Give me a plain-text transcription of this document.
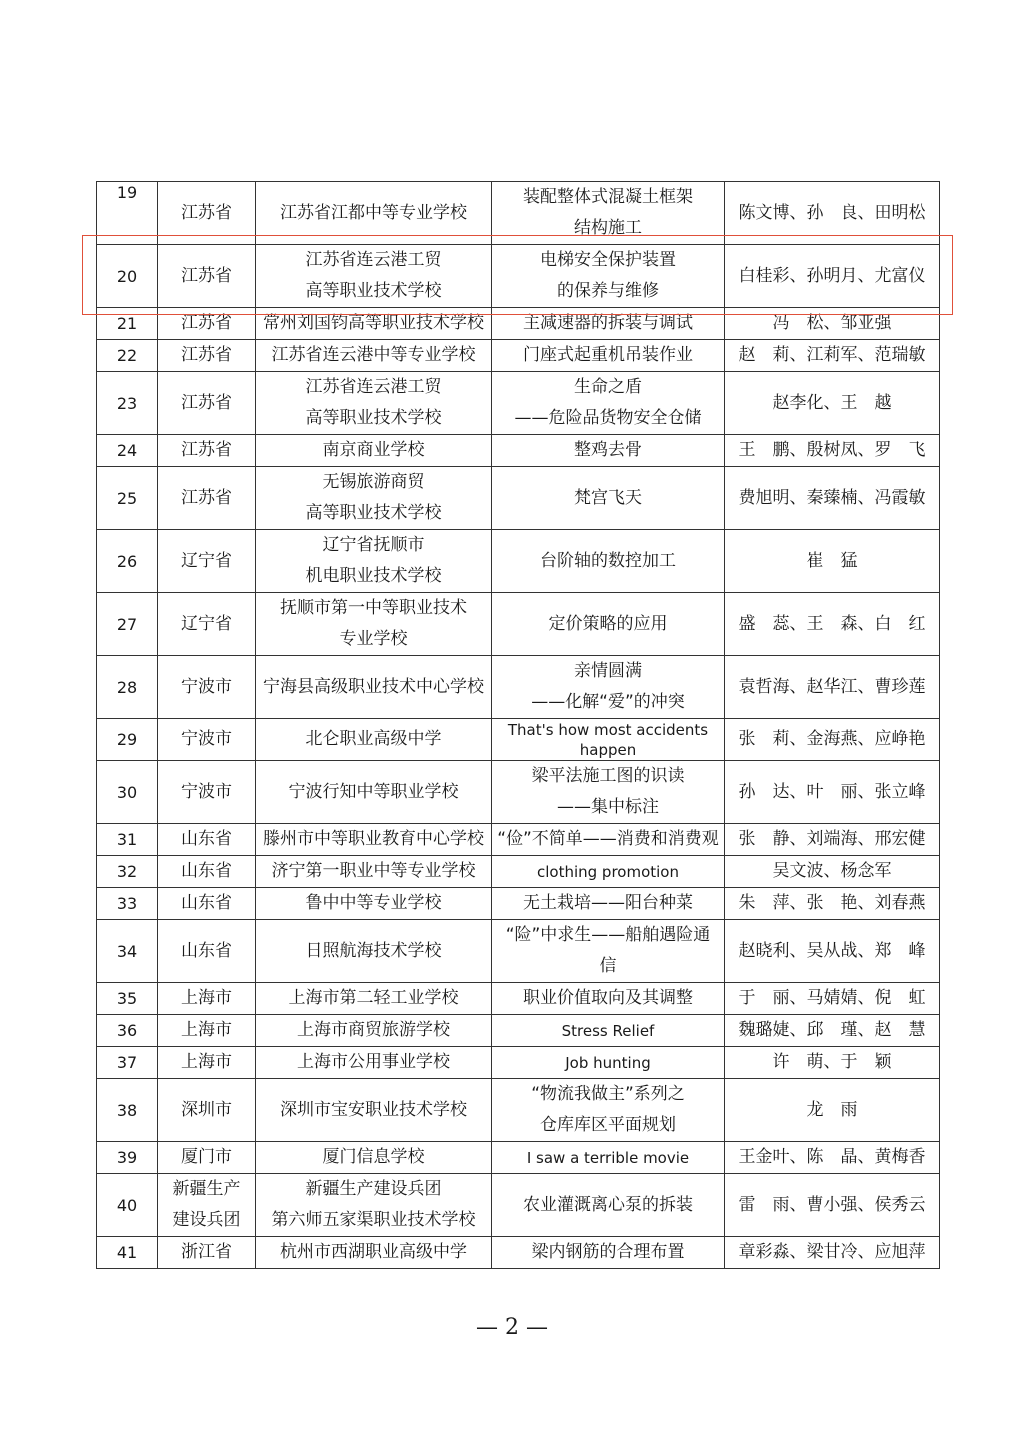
19	江苏省	江苏省江都中等专业学校	装配整体式混凝土框架
结构施工	陈文博、孙　良、田明松
20	江苏省	江苏省连云港工贸
高等职业技术学校	电梯安全保护装置
的保养与维修	白桂彩、孙明月、尤富仪
21	江苏省	常州刘国钧高等职业技术学校	主减速器的拆装与调试	冯　松、邹亚强
22	江苏省	江苏省连云港中等专业学校	门座式起重机吊装作业	赵　莉、江莉军、范瑞敏
23	江苏省	江苏省连云港工贸
高等职业技术学校	生命之盾
——危险品货物安全仓储	赵李化、王　越
24	江苏省	南京商业学校	整鸡去骨	王　鹏、殷树凤、罗　飞
25	江苏省	无锡旅游商贸
高等职业技术学校	梵宫飞天	费旭明、秦臻楠、冯霞敏
26	辽宁省	辽宁省抚顺市
机电职业技术学校	台阶轴的数控加工	崔　猛
27	辽宁省	抚顺市第一中等职业技术
专业学校	定价策略的应用	盛　蕊、王　森、白　红
28	宁波市	宁海县高级职业技术中心学校	亲情圆满
——化解“爱”的冲突	袁哲海、赵华江、曹珍莲
29	宁波市	北仑职业高级中学	That's how most accidents
happen	张　莉、金海燕、应峥艳
30	宁波市	宁波行知中等职业学校	梁平法施工图的识读
——集中标注	孙　达、叶　丽、张立峰
31	山东省	滕州市中等职业教育中心学校	“俭”不简单——消费和消费观	张　静、刘端海、邢宏健
32	山东省	济宁第一职业中等专业学校	clothing promotion	吴文波、杨念军
33	山东省	鲁中中等专业学校	无土栽培——阳台种菜	朱　萍、张　艳、刘春燕
34	山东省	日照航海技术学校	“险”中求生——船舶遇险通
信	赵晓利、吴从战、郑　峰
35	上海市	上海市第二轻工业学校	职业价值取向及其调整	于　丽、马婧婧、倪　虹
36	上海市	上海市商贸旅游学校	Stress Relief	魏璐婕、邱　瑾、赵　慧
37	上海市	上海市公用事业学校	Job hunting	许　萌、于　颖
38	深圳市	深圳市宝安职业技术学校	“物流我做主”系列之
仓库库区平面规划	龙　雨
39	厦门市	厦门信息学校	I saw a terrible movie	王金叶、陈　晶、黄梅香
40	新疆生产
建设兵团	新疆生产建设兵团
第六师五家渠职业技术学校	农业灌溉离心泵的拆装	雷　雨、曹小强、侯秀云
41	浙江省	杭州市西湖职业高级中学	梁内钢筋的合理布置	章彩淼、梁甘冷、应旭萍
— 2 —
